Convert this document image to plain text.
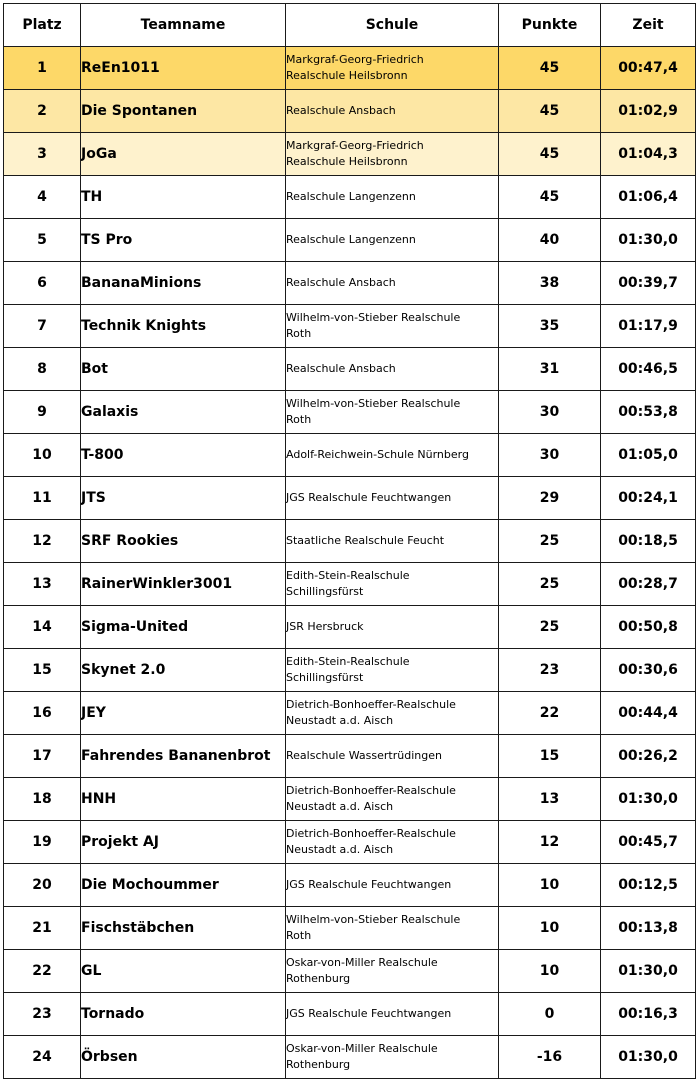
Platz	Teamname	Schule	Punkte	Zeit
1	ReEn1011	Markgraf-Georg-Friedrich
Realschule Heilsbronn	45	00:47,4
2	Die Spontanen	Realschule Ansbach	45	01:02,9
3	JoGa	Markgraf-Georg-Friedrich
Realschule Heilsbronn	45	01:04,3
4	TH	Realschule Langenzenn	45	01:06,4
5	TS Pro	Realschule Langenzenn	40	01:30,0
6	BananaMinions	Realschule Ansbach	38	00:39,7
7	Technik Knights	Wilhelm-von-Stieber Realschule
Roth	35	01:17,9
8	Bot	Realschule Ansbach	31	00:46,5
9	Galaxis	Wilhelm-von-Stieber Realschule
Roth	30	00:53,8
10	T-800	Adolf-Reichwein-Schule Nürnberg	30	01:05,0
11	JTS	JGS Realschule Feuchtwangen	29	00:24,1
12	SRF Rookies	Staatliche Realschule Feucht	25	00:18,5
13	RainerWinkler3001	Edith-Stein-Realschule
Schillingsfürst	25	00:28,7
14	Sigma-United	JSR Hersbruck	25	00:50,8
15	Skynet 2.0	Edith-Stein-Realschule
Schillingsfürst	23	00:30,6
16	JEY	Dietrich-Bonhoeffer-Realschule
Neustadt a.d. Aisch	22	00:44,4
17	Fahrendes Bananenbrot	Realschule Wassertrüdingen	15	00:26,2
18	HNH	Dietrich-Bonhoeffer-Realschule
Neustadt a.d. Aisch	13	01:30,0
19	Projekt AJ	Dietrich-Bonhoeffer-Realschule
Neustadt a.d. Aisch	12	00:45,7
20	Die Mochoummer	JGS Realschule Feuchtwangen	10	00:12,5
21	Fischstäbchen	Wilhelm-von-Stieber Realschule
Roth	10	00:13,8
22	GL	Oskar-von-Miller Realschule
Rothenburg	10	01:30,0
23	Tornado	JGS Realschule Feuchtwangen	0	00:16,3
24	Örbsen	Oskar-von-Miller Realschule
Rothenburg	-16	01:30,0
